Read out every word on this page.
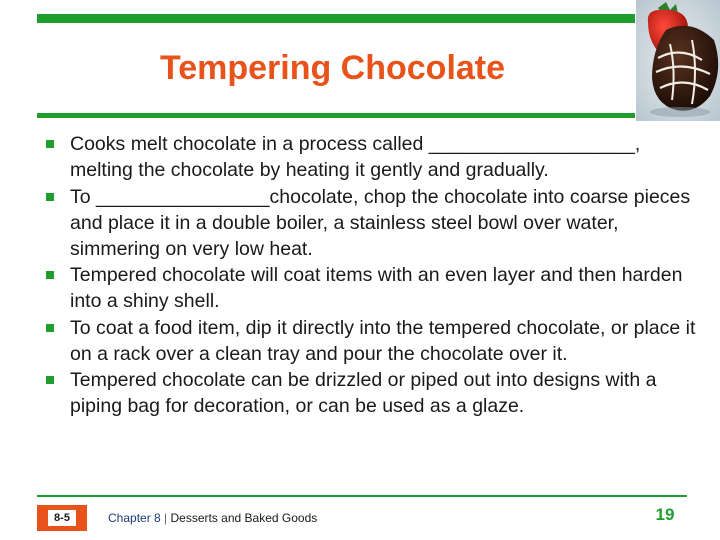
Tempering Chocolate
Cooks melt chocolate in a process called ___________________, melting the chocolate by heating it gently and gradually.
To ________________chocolate, chop the chocolate into coarse pieces and place it in a double boiler, a stainless steel bowl over water, simmering on very low heat.
Tempered chocolate will coat items with an even layer and then harden into a shiny shell.
To coat a food item, dip it directly into the tempered chocolate, or place it on a rack over a clean tray and pour the chocolate over it.
Tempered chocolate can be drizzled or piped out into designs with a piping bag for decoration, or can be used as a glaze.
8-5	Chapter 8 | Desserts and Baked Goods	19
